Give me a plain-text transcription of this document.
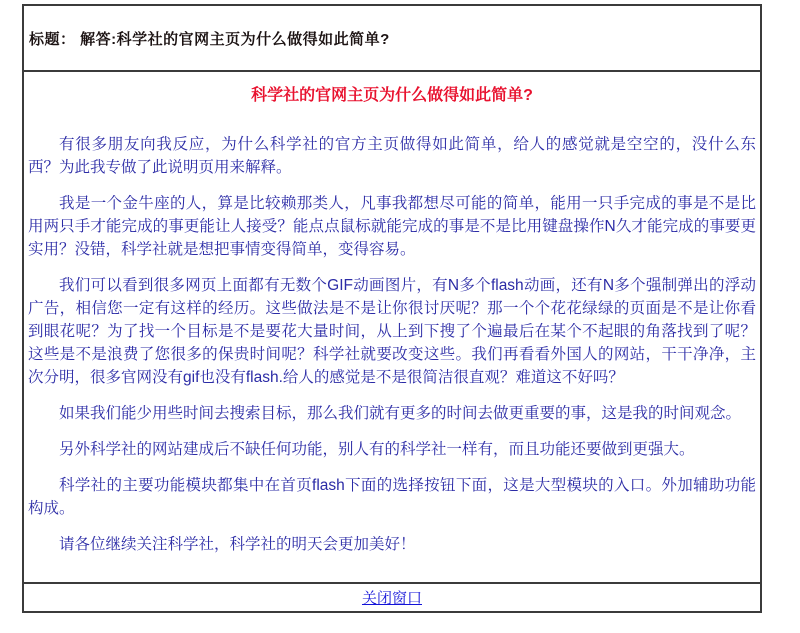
标题： 解答:科学社的官网主页为什么做得如此简单?
科学社的官网主页为什么做得如此简单?

有很多朋友向我反应，为什么科学社的官方主页做得如此简单，给人的感觉就是空空的，没什么东西？为此我专做了此说明页用来解释。

我是一个金牛座的人，算是比较赖那类人，凡事我都想尽可能的简单，能用一只手完成的事是不是比用两只手才能完成的事更能让人接受？能点点鼠标就能完成的事是不是比用键盘操作N久才能完成的事要更实用？没错，科学社就是想把事情变得简单，变得容易。

我们可以看到很多网页上面都有无数个GIF动画图片，有N多个flash动画，还有N多个强制弹出的浮动广告，相信您一定有这样的经历。这些做法是不是让你很讨厌呢？那一个个花花绿绿的页面是不是让你看到眼花呢？为了找一个目标是不是要花大量时间，从上到下搜了个遍最后在某个不起眼的角落找到了呢？这些是不是浪费了您很多的保贵时间呢？科学社就要改变这些。我们再看看外国人的网站，干干净净，主次分明，很多官网没有gif也没有flash.给人的感觉是不是很简洁很直观？难道这不好吗？

如果我们能少用些时间去搜索目标，那么我们就有更多的时间去做更重要的事，这是我的时间观念。

另外科学社的网站建成后不缺任何功能，别人有的科学社一样有，而且功能还要做到更强大。

科学社的主要功能模块都集中在首页flash下面的选择按钮下面，这是大型模块的入口。外加辅助功能构成。

请各位继续关注科学社，科学社的明天会更加美好！

关闭窗口
